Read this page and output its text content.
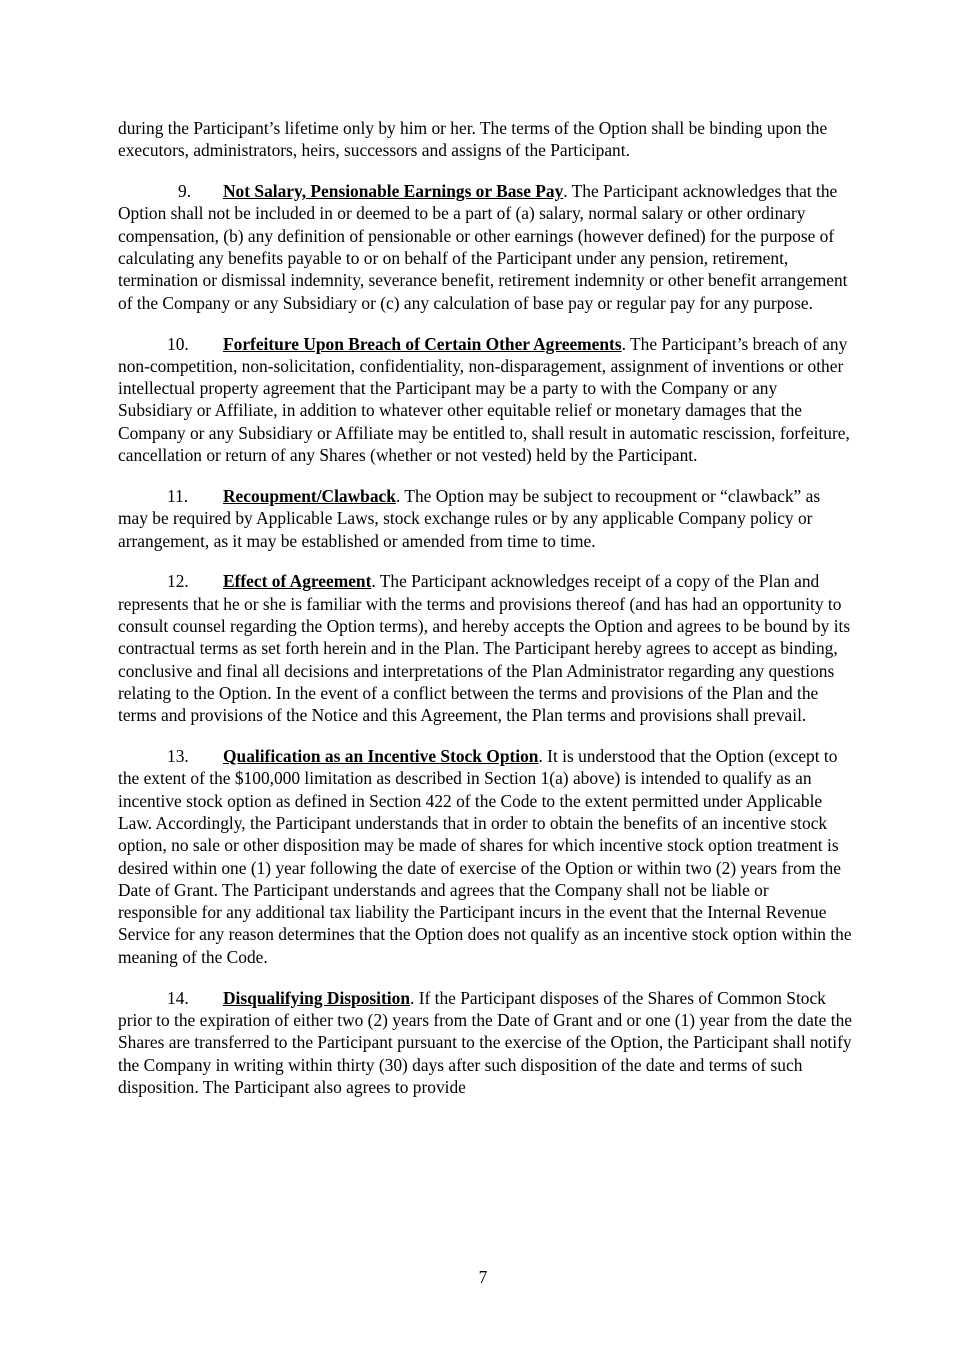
during the Participant’s lifetime only by him or her. The terms of the Option shall be binding upon the executors, administrators, heirs, successors and assigns of the Participant.

9. Not Salary, Pensionable Earnings or Base Pay. The Participant acknowledges that the Option shall not be included in or deemed to be a part of (a) salary, normal salary or other ordinary compensation, (b) any definition of pensionable or other earnings (however defined) for the purpose of calculating any benefits payable to or on behalf of the Participant under any pension, retirement, termination or dismissal indemnity, severance benefit, retirement indemnity or other benefit arrangement of the Company or any Subsidiary or (c) any calculation of base pay or regular pay for any purpose.

10. Forfeiture Upon Breach of Certain Other Agreements. The Participant’s breach of any non-competition, non-solicitation, confidentiality, non-disparagement, assignment of inventions or other intellectual property agreement that the Participant may be a party to with the Company or any Subsidiary or Affiliate, in addition to whatever other equitable relief or monetary damages that the Company or any Subsidiary or Affiliate may be entitled to, shall result in automatic rescission, forfeiture, cancellation or return of any Shares (whether or not vested) held by the Participant.

11. Recoupment/Clawback. The Option may be subject to recoupment or “clawback” as may be required by Applicable Laws, stock exchange rules or by any applicable Company policy or arrangement, as it may be established or amended from time to time.

12. Effect of Agreement. The Participant acknowledges receipt of a copy of the Plan and represents that he or she is familiar with the terms and provisions thereof (and has had an opportunity to consult counsel regarding the Option terms), and hereby accepts the Option and agrees to be bound by its contractual terms as set forth herein and in the Plan. The Participant hereby agrees to accept as binding, conclusive and final all decisions and interpretations of the Plan Administrator regarding any questions relating to the Option. In the event of a conflict between the terms and provisions of the Plan and the terms and provisions of the Notice and this Agreement, the Plan terms and provisions shall prevail.

13. Qualification as an Incentive Stock Option. It is understood that the Option (except to the extent of the $100,000 limitation as described in Section 1(a) above) is intended to qualify as an incentive stock option as defined in Section 422 of the Code to the extent permitted under Applicable Law. Accordingly, the Participant understands that in order to obtain the benefits of an incentive stock option, no sale or other disposition may be made of shares for which incentive stock option treatment is desired within one (1) year following the date of exercise of the Option or within two (2) years from the Date of Grant. The Participant understands and agrees that the Company shall not be liable or responsible for any additional tax liability the Participant incurs in the event that the Internal Revenue Service for any reason determines that the Option does not qualify as an incentive stock option within the meaning of the Code.

14. Disqualifying Disposition. If the Participant disposes of the Shares of Common Stock prior to the expiration of either two (2) years from the Date of Grant and or one (1) year from the date the Shares are transferred to the Participant pursuant to the exercise of the Option, the Participant shall notify the Company in writing within thirty (30) days after such disposition of the date and terms of such disposition. The Participant also agrees to provide

7
